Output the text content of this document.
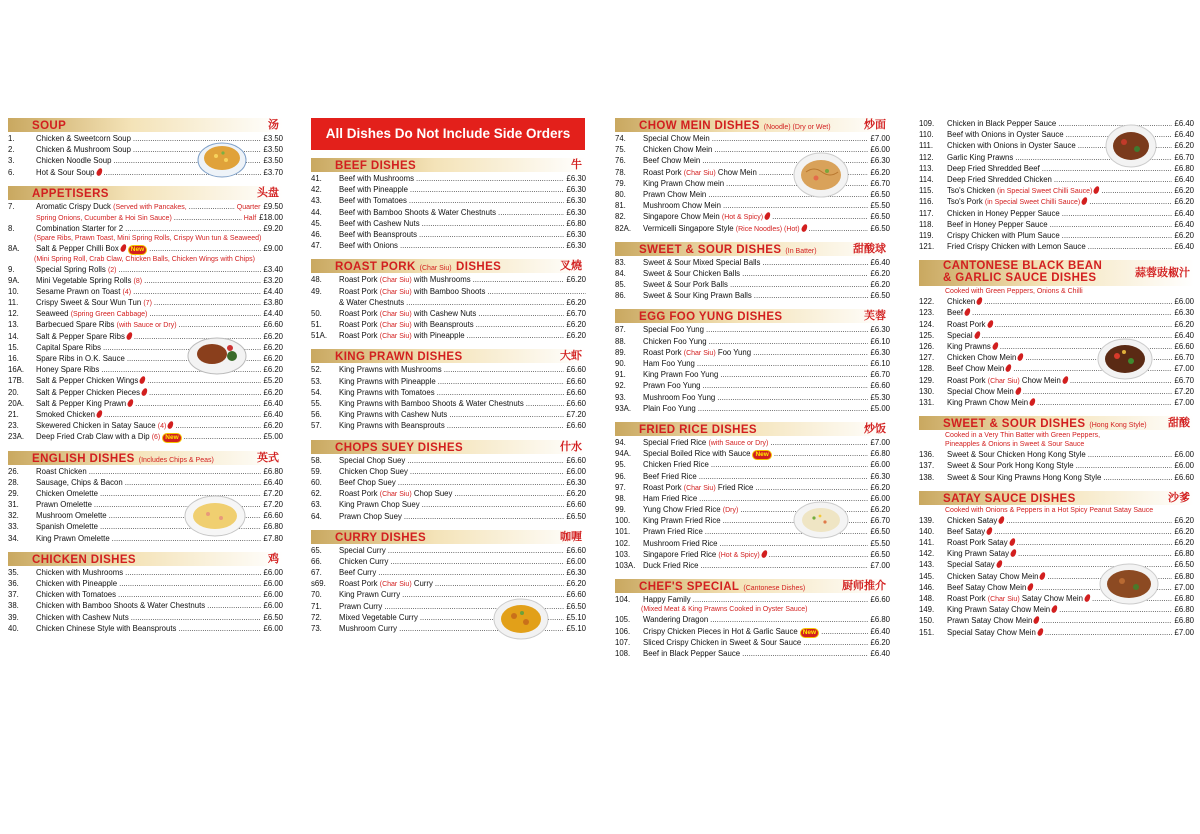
SOUP	汤
1.	Chicken & Sweetcorn Soup .....	£3.50
2.	Chicken & Mushroom Soup .....	£3.50
3.	Chicken Noodle Soup .....	£3.50
6.	Hot & Sour Soup .....	£3.70
APPETISERS	头盘
7.	Aromatic Crispy Duck (Served with Pancakes, .....	Quarter £9.50
Spring Onions, Cucumber & Hoi Sin Sauce) .....	Half £18.00
8.	Combination Starter for 2 .....	£9.20
(Spare Ribs, Prawn Toast, Mini Spring Rolls, Crispy Wun tun & Seaweed)
8A. Salt & Pepper Chilli Box New .....	£9.00
(Mini Spring Roll, Crab Claw, Chicken Balls, Chicken Wings with Chips)
9.	Special Spring Rolls (2) .....	£3.40
9A. Mini Vegetable Spring Rolls (8) .....	£3.20
10. Sesame Prawn on Toast (4) .....	£4.40
11. Crispy Sweet & Sour Wun Tun (7) .....	£3.80
12. Seaweed (Spring Green Cabbage) .....	£4.40
13. Barbecued Spare Ribs (with Sauce or Dry) .....	£6.60
14. Salt & Pepper Spare Ribs .....	£6.20
15. Capital Spare Ribs .....	£6.20
16. Spare Ribs in O.K. Sauce .....	£6.20
16A. Honey Spare Ribs .....	£6.20
17B. Salt & Pepper Chicken Wings .....	£5.20
20. Salt & Pepper Chicken Pieces .....	£6.20
20A. Salt & Pepper King Prawn .....	£6.40
21. Smoked Chicken .....	£6.40
23. Skewered Chicken in Satay Sauce (4) .....	£6.20
23A. Deep Fried Crab Claw with a Dip (6) New .....	£5.00
ENGLISH DISHES (Includes Chips & Peas)	英式
26. Roast Chicken .....	£6.80
28. Sausage, Chips & Bacon .....	£6.40
29. Chicken Omelette .....	£7.20
31. Prawn Omelette .....	£7.20
32. Mushroom Omelette .....	£6.60
33. Spanish Omelette .....	£6.80
34. King Prawn Omelette .....	£7.80
CHICKEN DISHES	鸡
35. Chicken with Mushrooms .....	£6.00
36. Chicken with Pineapple .....	£6.00
37. Chicken with Tomatoes .....	£6.00
38. Chicken with Bamboo Shoots & Water Chestnuts .....	£6.00
39. Chicken with Cashew Nuts .....	£6.50
40. Chicken Chinese Style with Beansprouts .....	£6.00
All Dishes Do Not Include Side Orders
BEEF DISHES	牛
41. Beef with Mushrooms .....	£6.30
42. Beef with Pineapple .....	£6.30
43. Beef with Tomatoes .....	£6.30
44. Beef with Bamboo Shoots & Water Chestnuts .....	£6.30
45. Beef with Cashew Nuts .....	£6.80
46. Beef with Beansprouts .....	£6.30
47. Beef with Onions .....	£6.30
ROAST PORK (Char Siu) DISHES	叉燒
48. Roast Pork (Char Siu) with Mushrooms .....	£6.20
49. Roast Pork (Char Siu) with Bamboo Shoots .....
& Water Chestnuts .....	£6.20
50. Roast Pork (Char Siu) with Cashew Nuts .....	£6.70
51. Roast Pork (Char Siu) with Beansprouts .....	£6.20
51A. Roast Pork (Char Siu) with Pineapple .....	£6.20
KING PRAWN DISHES	大虾
52. King Prawns with Mushrooms .....	£6.60
53. King Prawns with Pineapple .....	£6.60
54. King Prawns with Tomatoes .....	£6.60
55. King Prawns with Bamboo Shoots & Water Chestnuts .....	£6.60
56. King Prawns with Cashew Nuts .....	£7.20
57. King Prawns with Beansprouts .....	£6.60
CHOPS SUEY DISHES	什水
58. Special Chop Suey .....	£6.60
59. Chicken Chop Suey .....	£6.00
60. Beef Chop Suey .....	£6.30
62. Roast Pork (Char Siu) Chop Suey .....	£6.20
63. King Prawn Chop Suey .....	£6.60
64. Prawn Chop Suey .....	£6.50
CURRY DISHES	咖喱
65. Special Curry .....	£6.60
66. Chicken Curry .....	£6.00
67. Beef Curry .....	£6.30
s69. Roast Pork (Char Siu) Curry .....	£6.20
70. King Prawn Curry .....	£6.60
71. Prawn Curry .....	£6.50
72. Mixed Vegetable Curry .....	£5.10
73. Mushroom Curry .....	£5.10
CHOW MEIN DISHES (Noodle) (Dry or Wet)	炒面
74. Special Chow Mein .....	£7.00
75. Chicken Chow Mein .....	£6.00
76. Beef Chow Mein .....	£6.30
78. Roast Pork (Char Siu) Chow Mein .....	£6.20
79. King Prawn Chow mein .....	£6.70
80. Prawn Chow Mein .....	£6.50
81. Mushroom Chow Mein .....	£5.50
82. Singapore Chow Mein (Hot & Spicy) .....	£6.50
82A. Vermicelli Singapore Style (Rice Noodles) (Hot) .....	£6.50
SWEET & SOUR DISHES (In Batter)	甜酸球
83. Sweet & Sour Mixed Special Balls .....	£6.40
84. Sweet & Sour Chicken Balls .....	£6.20
85. Sweet & Sour Pork Balls .....	£6.20
86. Sweet & Sour King Prawn Balls .....	£6.50
EGG FOO YUNG DISHES	芙蓉
87. Special Foo Yung .....	£6.30
88. Chicken Foo Yung .....	£6.10
89. Roast Pork (Char Siu) Foo Yung .....	£6.30
90. Ham Foo Yung .....	£6.10
91. King Prawn Foo Yung .....	£6.70
92. Prawn Foo Yung .....	£6.60
93. Mushroom Foo Yung .....	£5.30
93A. Plain Foo Yung .....	£5.00
FRIED RICE DISHES	炒饭
94. Special Fried Rice (with Sauce or Dry) .....	£7.00
94A. Special Boiled Rice with Sauce New .....	£6.80
95. Chicken Fried Rice .....	£6.00
96. Beef Fried Rice .....	£6.30
97. Roast Pork (Char Siu) Fried Rice .....	£6.20
98. Ham Fried Rice .....	£6.00
99. Yung Chow Fried Rice (Dry) .....	£6.20
100. King Prawn Fried Rice .....	£6.70
101. Prawn Fried Rice .....	£6.50
102. Mushroom Fried Rice .....	£5.50
103. Singapore Fried Rice (Hot & Spicy) .....	£6.50
103A. Duck Fried Rice .....	£7.00
CHEF'S SPECIAL (Cantonese Dishes)	厨师推介
104. Happy Family .....	£6.60
(Mixed Meat & King Prawns Cooked in Oyster Sauce)
105. Wandering Dragon .....	£6.80
106. Crispy Chicken Pieces in Hot & Garlic Sauce New .....	£6.40
107. Sliced Crispy Chicken in Sweet & Sour Sauce .....	£6.20
108. Beef in Black Pepper Sauce .....	£6.40
109. Chicken in Black Pepper Sauce .....	£6.40
110. Beef with Onions in Oyster Sauce .....	£6.40
111. Chicken with Onions in Oyster Sauce .....	£6.20
112. Garlic King Prawns .....	£6.70
113. Deep Fried Shredded Beef .....	£6.80
114. Deep Fried Shredded Chicken .....	£6.40
115. Tso's Chicken (in Special Sweet Chilli Sauce) .....	£6.20
116. Tso's Pork (in Special Sweet Chilli Sauce) .....	£6.20
117. Chicken in Honey Pepper Sauce .....	£6.40
118. Beef in Honey Pepper Sauce .....	£6.40
119. Crispy Chicken with Plum Sauce .....	£6.20
121. Fried Crispy Chicken with Lemon Sauce .....	£6.40
CANTONESE BLACK BEAN
& GARLIC SAUCE DISHES	蒜蓉豉椒汁
Cooked with Green Peppers, Onions & Chilli
122. Chicken .....	£6.00
123. Beef .....	£6.30
124. Roast Pork .....	£6.20
125. Special .....	£6.40
126. King Prawns .....	£6.60
127. Chicken Chow Mein .....	£6.70
128. Beef Chow Mein .....	£7.00
129. Roast Pork (Char Siu) Chow Mein .....	£6.70
130. Special Chow Mein .....	£7.20
131. King Prawn Chow Mein .....	£7.00
SWEET & SOUR DISHES (Hong Kong Style) 甜酸
Cooked in a Very Thin Batter with Green Peppers,
Pineapples & Onions in Sweet & Sour Sauce
136. Sweet & Sour Chicken Hong Kong Style .....	£6.00
137. Sweet & Sour Pork Hong Kong Style .....	£6.00
138. Sweet & Sour King Prawns Hong Kong Style .....	£6.60
SATAY SAUCE DISHES	沙爹
Cooked with Onions & Peppers in a Hot Spicy Peanut Satay Sauce
139. Chicken Satay .....	£6.20
140. Beef Satay .....	£6.20
141. Roast Pork Satay .....	£6.20
142. King Prawn Satay .....	£6.80
143. Special Satay .....	£6.50
145. Chicken Satay Chow Mein .....	£6.80
146. Beef Satay Chow Mein .....	£7.00
148. Roast Pork (Char Siu) Satay Chow Mein .....	£6.80
149. King Prawn Satay Chow Mein .....	£6.80
150. Prawn Satay Chow Mein .....	£6.80
151. Special Satay Chow Mein .....	£7.00
